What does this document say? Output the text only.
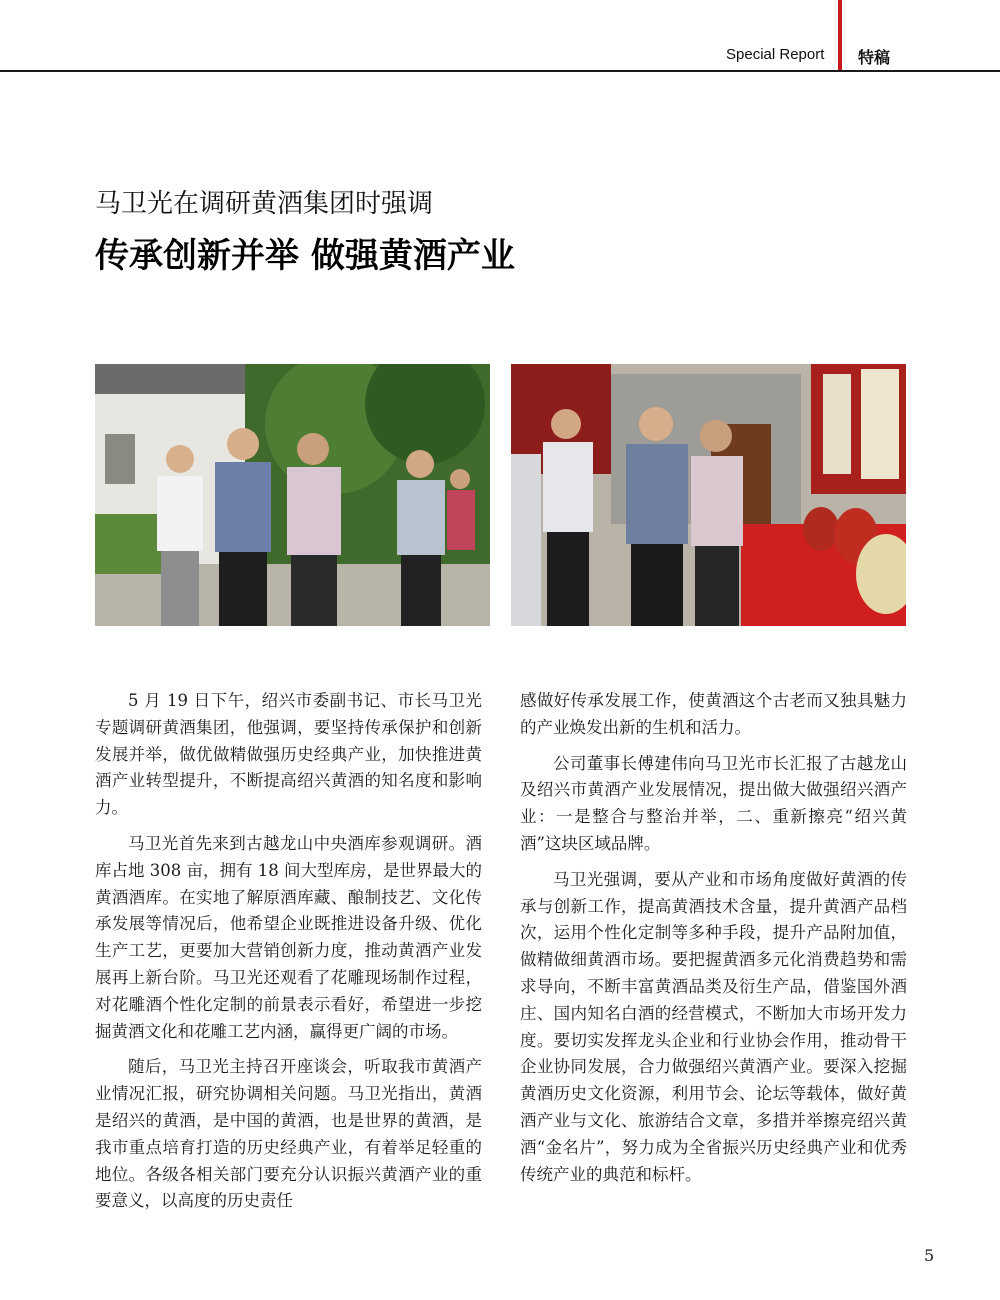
Special Report 特稿
马卫光在调研黄酒集团时强调
传承创新并举 做强黄酒产业

5 月 19 日下午，绍兴市委副书记、市长马卫光专题调研黄酒集团，他强调，要坚持传承保护和创新发展并举，做优做精做强历史经典产业，加快推进黄酒产业转型提升，不断提高绍兴黄酒的知名度和影响力。

马卫光首先来到古越龙山中央酒库参观调研。酒库占地 308 亩，拥有 18 间大型库房，是世界最大的黄酒酒库。在实地了解原酒库藏、酿制技艺、文化传承发展等情况后，他希望企业既推进设备升级、优化生产工艺，更要加大营销创新力度，推动黄酒产业发展再上新台阶。马卫光还观看了花雕现场制作过程，对花雕酒个性化定制的前景表示看好，希望进一步挖掘黄酒文化和花雕工艺内涵，赢得更广阔的市场。

随后，马卫光主持召开座谈会，听取我市黄酒产业情况汇报，研究协调相关问题。马卫光指出，黄酒是绍兴的黄酒，是中国的黄酒，也是世界的黄酒，是我市重点培育打造的历史经典产业，有着举足轻重的地位。各级各相关部门要充分认识振兴黄酒产业的重要意义，以高度的历史责任

感做好传承发展工作，使黄酒这个古老而又独具魅力的产业焕发出新的生机和活力。

公司董事长傅建伟向马卫光市长汇报了古越龙山及绍兴市黄酒产业发展情况，提出做大做强绍兴酒产业：一是整合与整治并举，二、重新擦亮“绍兴黄酒”这块区域品牌。

马卫光强调，要从产业和市场角度做好黄酒的传承与创新工作，提高黄酒技术含量，提升黄酒产品档次，运用个性化定制等多种手段，提升产品附加值，做精做细黄酒市场。要把握黄酒多元化消费趋势和需求导向，不断丰富黄酒品类及衍生产品，借鉴国外酒庄、国内知名白酒的经营模式，不断加大市场开发力度。要切实发挥龙头企业和行业协会作用，推动骨干企业协同发展，合力做强绍兴黄酒产业。要深入挖掘黄酒历史文化资源，利用节会、论坛等载体，做好黄酒产业与文化、旅游结合文章，多措并举擦亮绍兴黄酒“金名片”，努力成为全省振兴历史经典产业和优秀传统产业的典范和标杆。

5
